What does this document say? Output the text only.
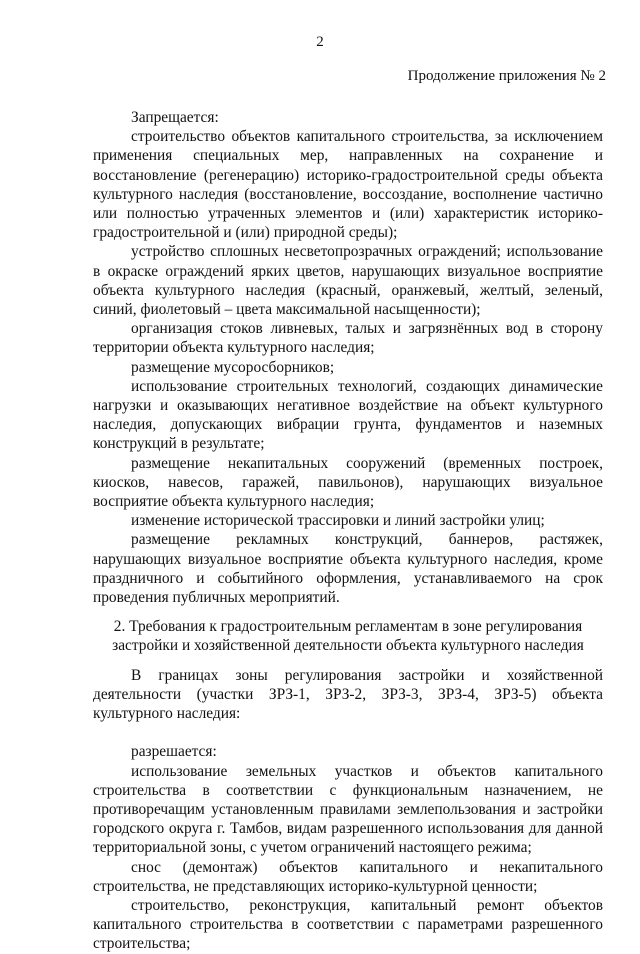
2
Продолжение приложения № 2

Запрещается:

строительство объектов капитального строительства, за исключением применения специальных мер, направленных на сохранение и восстановление (регенерацию) историко-градостроительной среды объекта культурного наследия (восстановление, воссоздание, восполнение частично или полностью утраченных элементов и (или) характеристик историко-градостроительной и (или) природной среды);

устройство сплошных несветопрозрачных ограждений; использование в окраске ограждений ярких цветов, нарушающих визуальное восприятие объекта культурного наследия (красный, оранжевый, желтый, зеленый, синий, фиолетовый – цвета максимальной насыщенности);

организация стоков ливневых, талых и загрязнённых вод в сторону территории объекта культурного наследия;

размещение мусоросборников;

использование строительных технологий, создающих динамические нагрузки и оказывающих негативное воздействие на объект культурного наследия, допускающих вибрации грунта, фундаментов и наземных конструкций в результате;

размещение некапитальных сооружений (временных построек, киосков, навесов, гаражей, павильонов), нарушающих визуальное восприятие объекта культурного наследия;

изменение исторической трассировки и линий застройки улиц;

размещение рекламных конструкций, баннеров, растяжек, нарушающих визуальное восприятие объекта культурного наследия, кроме праздничного и событийного оформления, устанавливаемого на срок проведения публичных мероприятий.

2. Требования к градостроительным регламентам в зоне регулирования застройки и хозяйственной деятельности объекта культурного наследия

В границах зоны регулирования застройки и хозяйственной деятельности (участки ЗРЗ-1, ЗРЗ-2, ЗРЗ-3, ЗРЗ-4, ЗРЗ-5) объекта культурного наследия:

разрешается:

использование земельных участков и объектов капитального строительства в соответствии с функциональным назначением, не противоречащим установленным правилами землепользования и застройки городского округа г. Тамбов, видам разрешенного использования для данной территориальной зоны, с учетом ограничений настоящего режима;

снос (демонтаж) объектов капитального и некапитального строительства, не представляющих историко-культурной ценности;

строительство, реконструкция, капитальный ремонт объектов капитального строительства в соответствии с параметрами разрешенного строительства;
